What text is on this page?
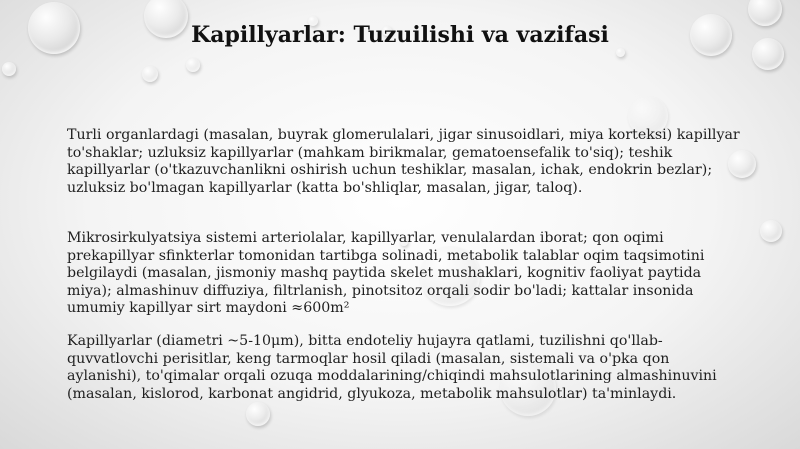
Kapillyarlar: Tuzuilishi va vazifasi

Turli organlardagi (masalan, buyrak glomerulalari, jigar sinusoidlari, miya korteksi) kapillyar to'shaklar; uzluksiz kapillyarlar (mahkam birikmalar, gematoensefalik to'siq); teshik kapillyarlar (o'tkazuvchanlikni oshirish uchun teshiklar, masalan, ichak, endokrin bezlar); uzluksiz bo'lmagan kapillyarlar (katta bo'shliqlar, masalan, jigar, taloq).

Mikrosirkulyatsiya sistemi arteriolalar, kapillyarlar, venulalardan iborat; qon oqimi prekapillyar sfinkterlar tomonidan tartibga solinadi, metabolik talablar oqim taqsimotini belgilaydi (masalan, jismoniy mashq paytida skelet mushaklari, kognitiv faoliyat paytida miya); almashinuv diffuziya, filtrlanish, pinotsitoz orqali sodir bo'ladi; kattalar insonida umumiy kapillyar sirt maydoni ≈600m²

Kapillyarlar (diametri ~5-10μm), bitta endoteliy hujayra qatlami, tuzilishni qo'llab-quvvatlovchi perisitlar, keng tarmoqlar hosil qiladi (masalan, sistemali va o'pka qon aylanishi), to'qimalar orqali ozuqa moddalarining/chiqindi mahsulotlarining almashinuvini (masalan, kislorod, karbonat angidrid, glyukoza, metabolik mahsulotlar) ta'minlaydi.
